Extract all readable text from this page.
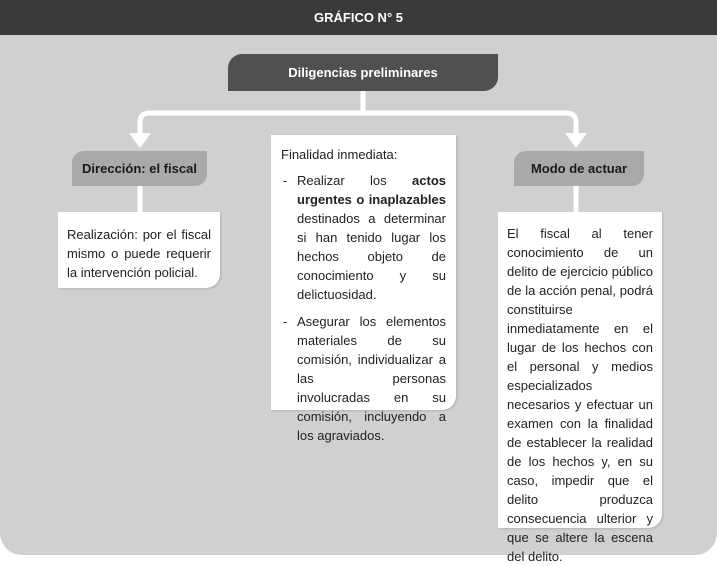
GRÁFICO N° 5
Diligencias preliminares
Dirección: el fiscal

Realización: por el fiscal mismo o puede requerir la intervención policial.

Finalidad inmediata:
- Realizar los actos urgentes o inaplazables destinados a determinar si han tenido lugar los hechos objeto de conocimiento y su delictuosidad.
- Asegurar los elementos materiales de su comisión, individualizar a las personas involucradas en su comisión, incluyendo a los agraviados.
Modo de actuar

El fiscal al tener conocimiento de un delito de ejercicio público de la acción penal, podrá constituirse inmediatamente en el lugar de los hechos con el personal y medios especializados necesarios y efectuar un examen con la finalidad de establecer la realidad de los hechos y, en su caso, impedir que el delito produzca consecuencia ulterior y que se altere la escena del delito.
